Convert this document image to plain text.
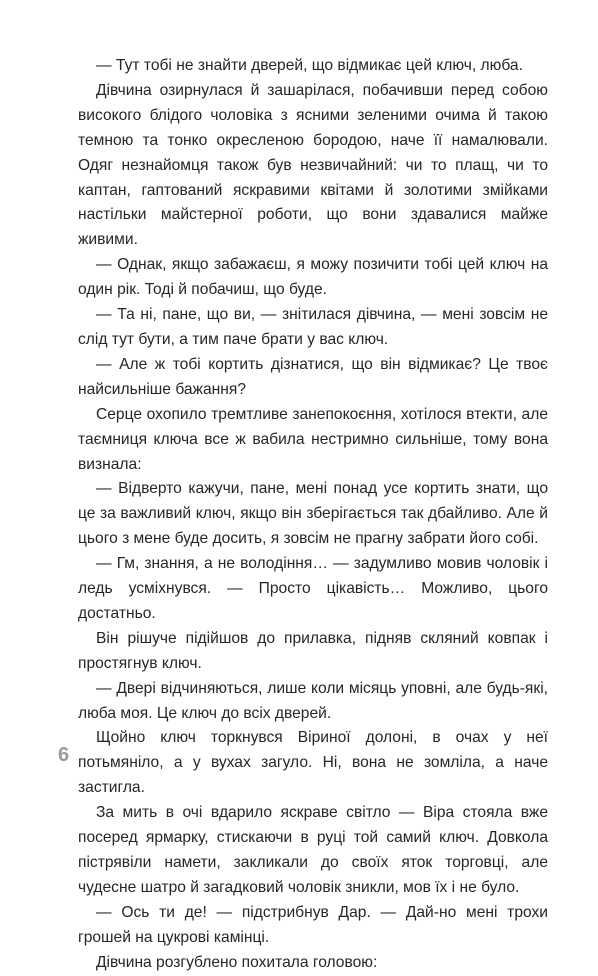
— Тут тобі не знайти дверей, що відмикає цей ключ, люба.

Дівчина озирнулася й зашарілася, побачивши перед собою високого блідого чоловіка з ясними зеленими очима й такою темною та тонко окресленою бородою, наче її намалювали. Одяг незнайомця також був незвичайний: чи то плащ, чи то каптан, гаптований яскравими квітами й золотими змійками настільки майстерної роботи, що вони здавалися майже живими.

— Однак, якщо забажаєш, я можу позичити тобі цей ключ на один рік. Тоді й побачиш, що буде.

— Та ні, пане, що ви, — знітилася дівчина, — мені зовсім не слід тут бути, а тим паче брати у вас ключ.

— Але ж тобі кортить дізнатися, що він відмикає? Це твоє найсильніше бажання?

Серце охопило тремтливе занепокоєння, хотілося втекти, але таємниця ключа все ж вабила нестримно сильніше, тому вона визнала:

— Відверто кажучи, пане, мені понад усе кортить знати, що це за важливий ключ, якщо він зберігається так дбайливо. Але й цього з мене буде досить, я зовсім не прагну забрати його собі.

— Гм, знання, а не володіння… — задумливо мовив чоловік і ледь усміхнувся. — Просто цікавість… Можливо, цього достатньо.

Він рішуче підійшов до прилавка, підняв скляний ковпак і простягнув ключ.

— Двері відчиняються, лише коли місяць уповні, але будь-які, люба моя. Це ключ до всіх дверей.

Щойно ключ торкнувся Віриної долоні, в очах у неї потьмяніло, а у вухах загуло. Ні, вона не зомліла, а наче застигла.

За мить в очі вдарило яскраве світло — Віра стояла вже посеред ярмарку, стискаючи в руці той самий ключ. Довкола пістрявіли намети, закликали до своїх яток торговці, але чудесне шатро й загадковий чоловік зникли, мов їх і не було.

— Ось ти де! — підстрибнув Дар. — Дай-но мені трохи грошей на цукрові камінці.

Дівчина розгублено похитала головою:

6
